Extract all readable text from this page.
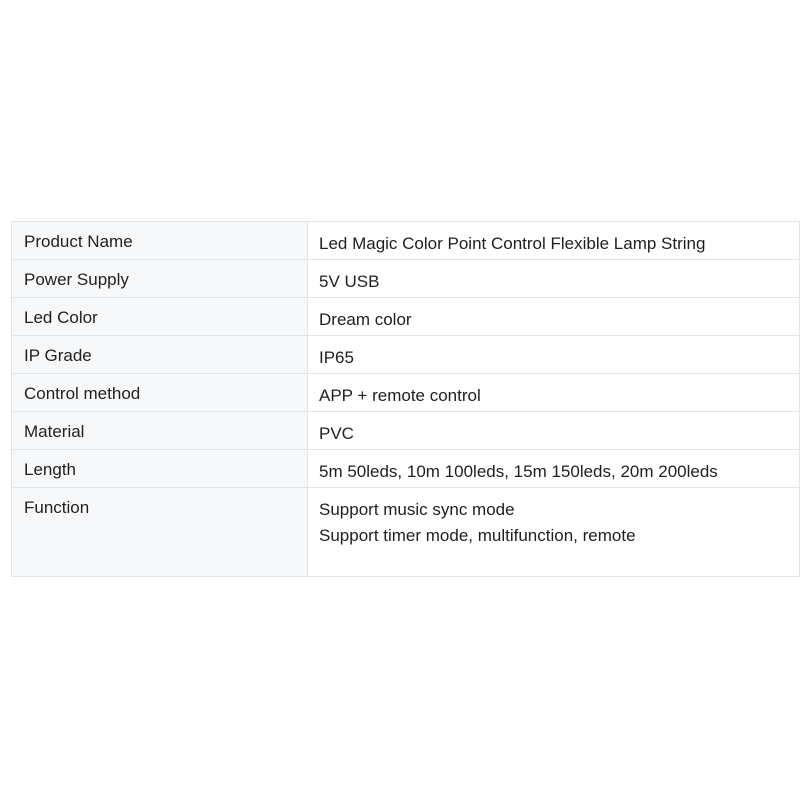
Product Name	Led Magic Color Point Control Flexible Lamp String

Power Supply	5V USB

Led Color	Dream color

IP Grade	IP65

Control method	APP + remote control

Material	PVC

Length	5m 50leds, 10m 100leds, 15m 150leds, 20m 200leds

Function	Support music sync mode
Support timer mode, multifunction, remote
